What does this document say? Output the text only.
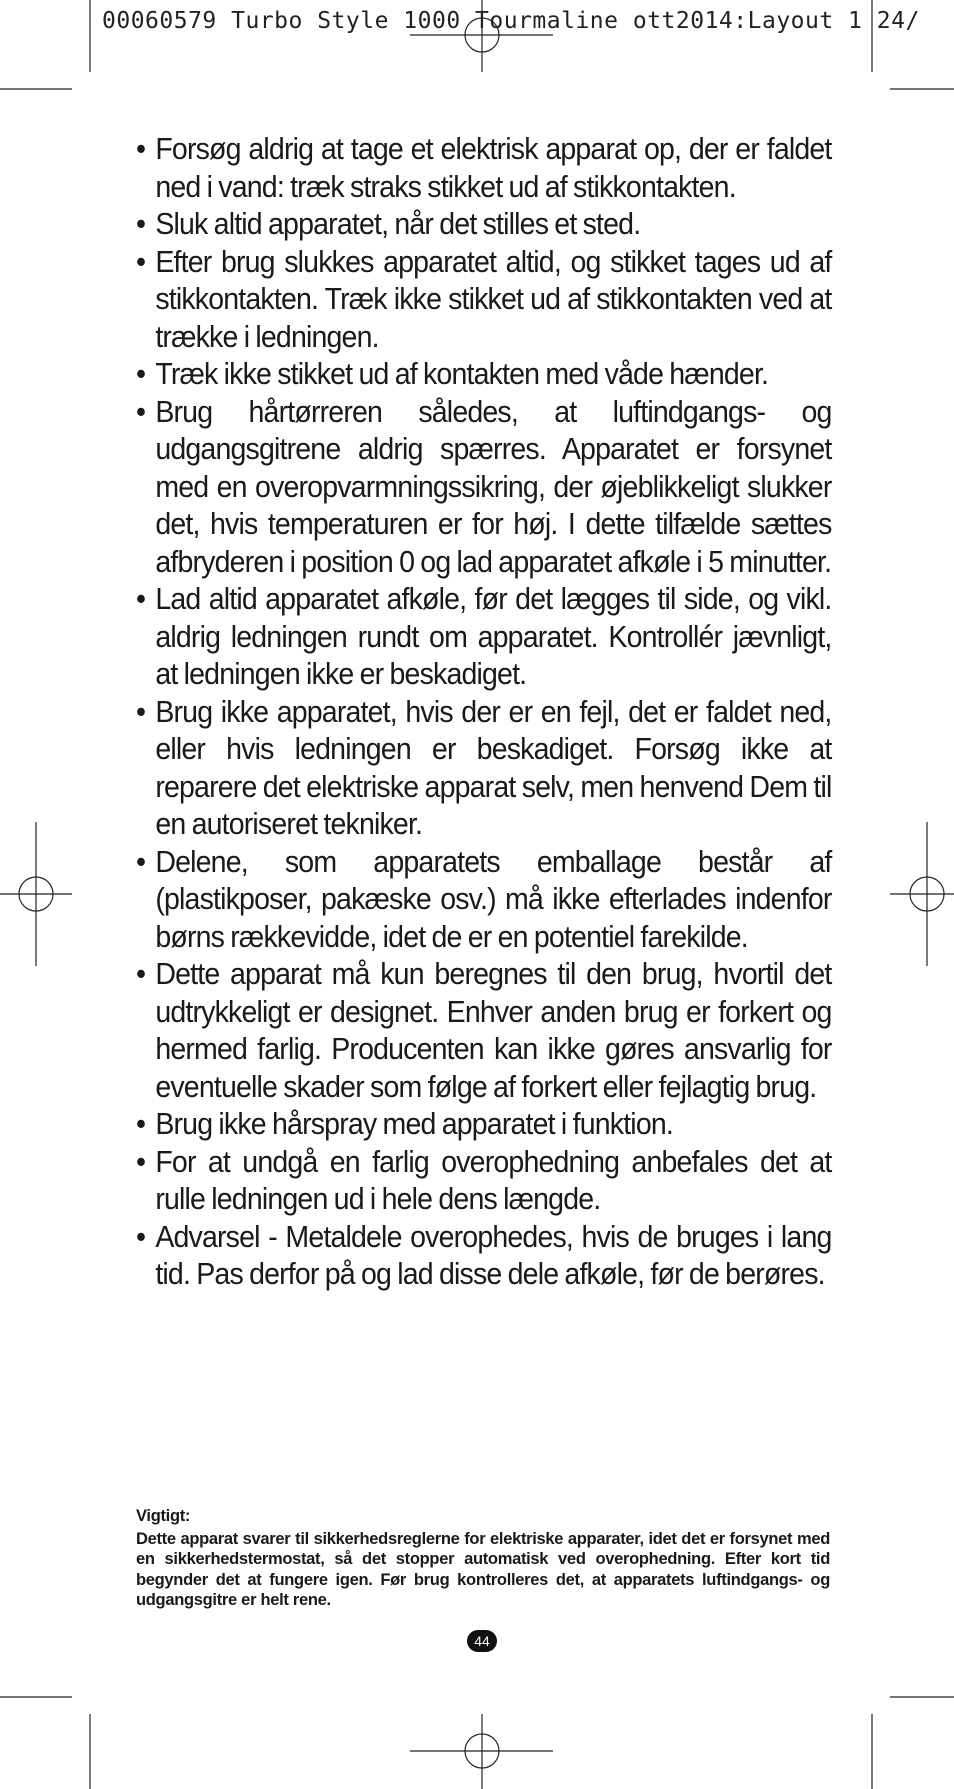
00060579 Turbo Style 1000 Tourmaline ott2014:Layout 1 24/
• Forsøg aldrig at tage et elektrisk apparat op, der er faldet ned i vand: træk straks stikket ud af stikkontakten.
• Sluk altid apparatet, når det stilles et sted.
• Efter brug slukkes apparatet altid, og stikket tages ud af stikkontakten. Træk ikke stikket ud af stikkontakten ved at trække i ledningen.
• Træk ikke stikket ud af kontakten med våde hænder.
• Brug hårtørreren således, at luftindgangs- og udgangsgitrene aldrig spærres. Apparatet er forsynet med en overopvarmningssikring, der øjeblikkeligt slukker det, hvis temperaturen er for høj. I dette tilfælde sættes afbryderen i position 0 og lad apparatet afkøle i 5 minutter.
• Lad altid apparatet afkøle, før det lægges til side, og vikl. aldrig ledningen rundt om apparatet. Kontrollér jævnligt, at ledningen ikke er beskadiget.
• Brug ikke apparatet, hvis der er en fejl, det er faldet ned, eller hvis ledningen er beskadiget. Forsøg ikke at reparere det elektriske apparat selv, men henvend Dem til en autoriseret tekniker.
• Delene, som apparatets emballage består af (plastikposer, pakæske osv.) må ikke efterlades indenfor børns rækkevidde, idet de er en potentiel farekilde.
• Dette apparat må kun beregnes til den brug, hvortil det udtrykkeligt er designet. Enhver anden brug er forkert og hermed farlig. Producenten kan ikke gøres ansvarlig for eventuelle skader som følge af forkert eller fejlagtig brug.
• Brug ikke hårspray med apparatet i funktion.
• For at undgå en farlig overophedning anbefales det at rulle ledningen ud i hele dens længde.
• Advarsel - Metaldele overophedes, hvis de bruges i lang tid. Pas derfor på og lad disse dele afkøle, før de berøres.
Vigtigt:
Dette apparat svarer til sikkerhedsreglerne for elektriske apparater, idet det er forsynet med en sikkerhedstermostat, så det stopper automatisk ved overophedning. Efter kort tid begynder det at fungere igen. Før brug kontrolleres det, at apparatets luftindgangs- og udgangsgitre er helt rene.
44
